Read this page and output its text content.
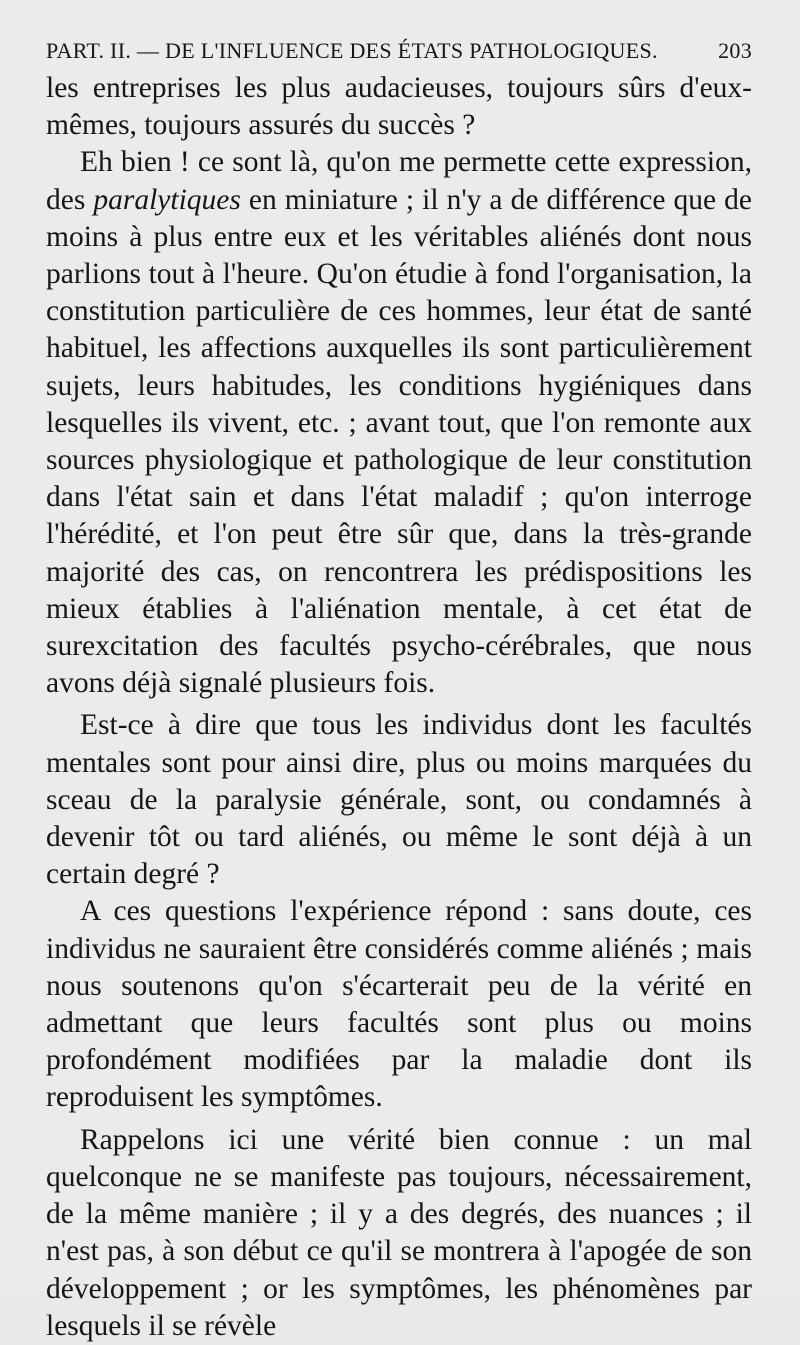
PART. II. — DE L'INFLUENCE DES ÉTATS PATHOLOGIQUES.	203

les entreprises les plus audacieuses, toujours sûrs d'eux-mêmes, toujours assurés du succès ?

Eh bien ! ce sont là, qu'on me permette cette expression, des paralytiques en miniature ; il n'y a de différence que de moins à plus entre eux et les véritables aliénés dont nous parlions tout à l'heure. Qu'on étudie à fond l'organisation, la constitution particulière de ces hommes, leur état de santé habituel, les affections auxquelles ils sont particulièrement sujets, leurs habitudes, les conditions hygiéniques dans lesquelles ils vivent, etc. ; avant tout, que l'on remonte aux sources physiologique et pathologique de leur constitution dans l'état sain et dans l'état maladif ; qu'on interroge l'hérédité, et l'on peut être sûr que, dans la très-grande majorité des cas, on rencontrera les prédispositions les mieux établies à l'aliénation mentale, à cet état de surexcitation des facultés psycho-cérébrales, que nous avons déjà signalé plusieurs fois.

Est-ce à dire que tous les individus dont les facultés mentales sont pour ainsi dire, plus ou moins marquées du sceau de la paralysie générale, sont, ou condamnés à devenir tôt ou tard aliénés, ou même le sont déjà à un certain degré ?

A ces questions l'expérience répond : sans doute, ces individus ne sauraient être considérés comme aliénés ; mais nous soutenons qu'on s'écarterait peu de la vérité en admettant que leurs facultés sont plus ou moins profondément modifiées par la maladie dont ils reproduisent les symptômes.

Rappelons ici une vérité bien connue : un mal quelconque ne se manifeste pas toujours, nécessairement, de la même manière ; il y a des degrés, des nuances ; il n'est pas, à son début ce qu'il se montrera à l'apogée de son développement ; or les symptômes, les phénomènes par lesquels il se révèle
